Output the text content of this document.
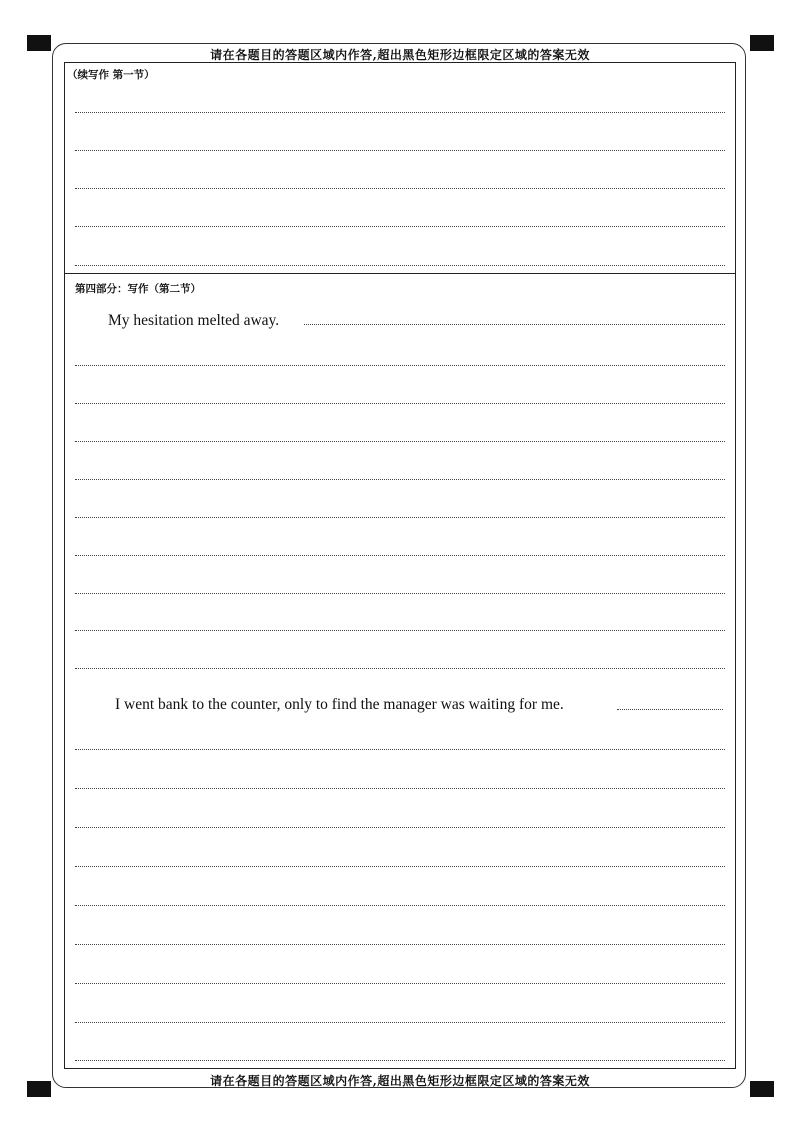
请在各题目的答题区域内作答,超出黑色矩形边框限定区域的答案无效
（续写作 第一节）
第四部分：写作（第二节）
My hesitation melted away.
I went bank to the counter, only to find the manager was waiting for me.
请在各题目的答题区域内作答,超出黑色矩形边框限定区域的答案无效
